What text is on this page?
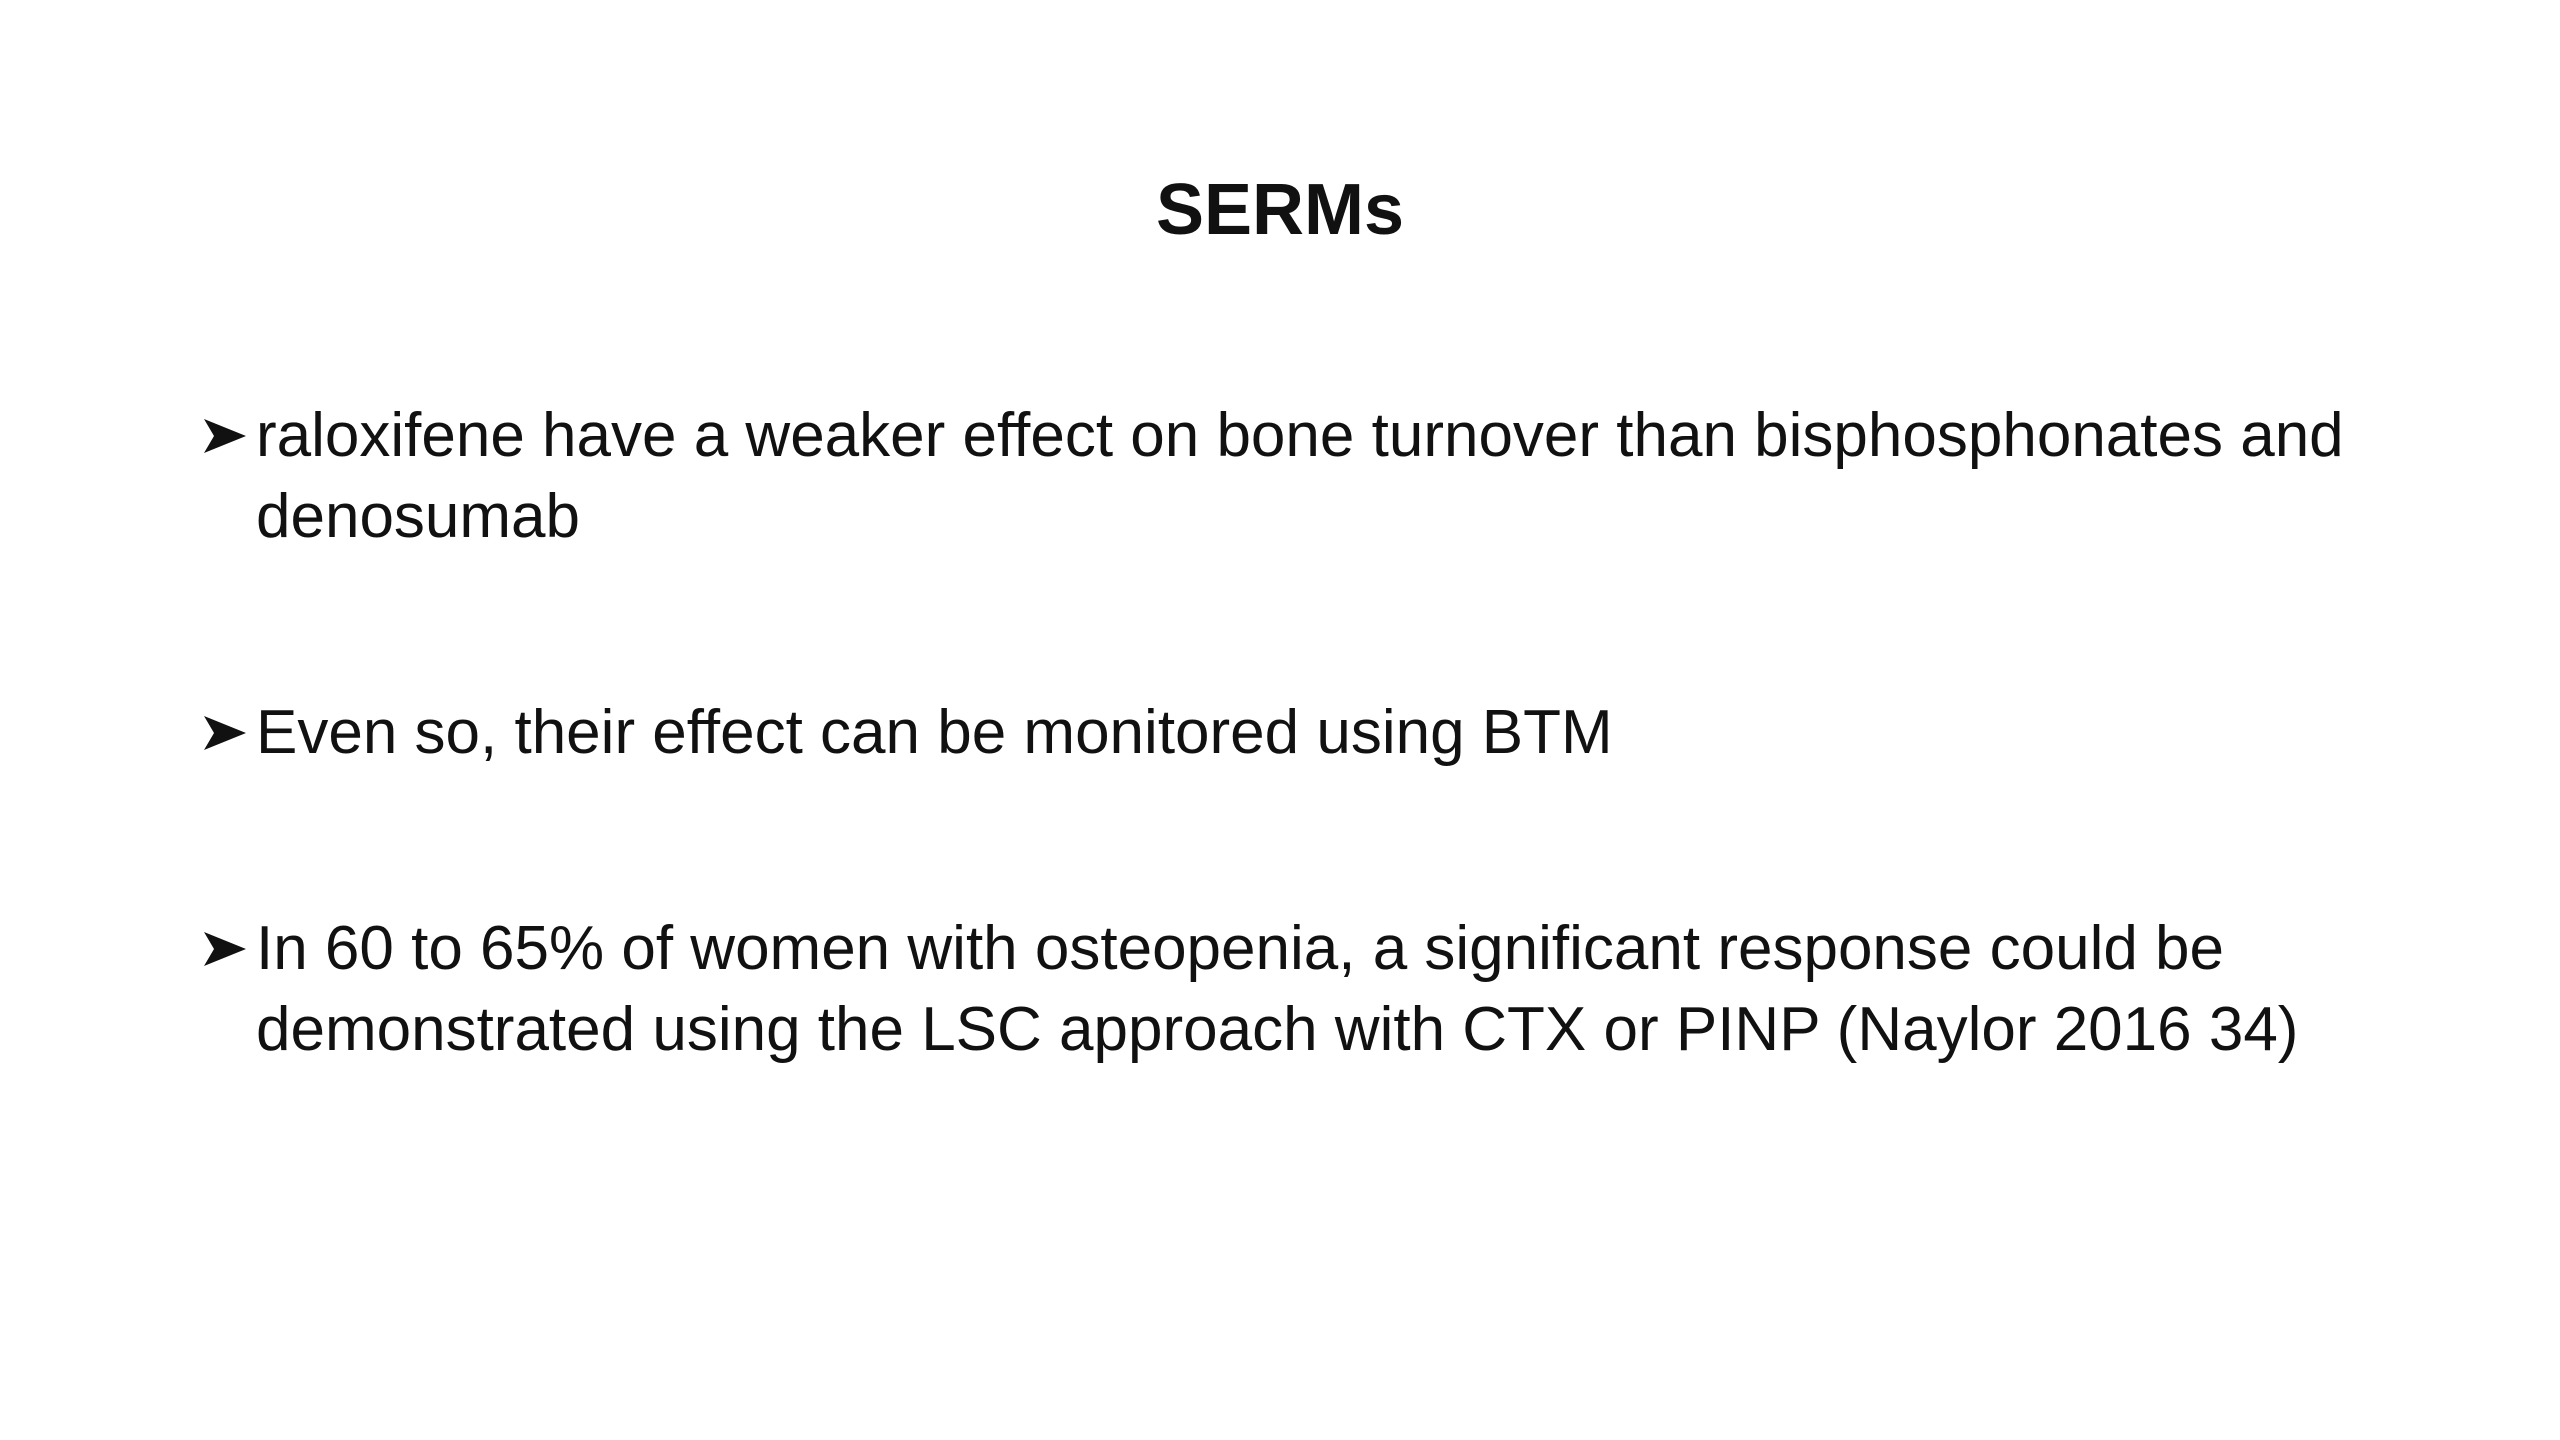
SERMs
raloxifene have a weaker effect on bone turnover than bisphosphonates and denosumab
Even so, their effect can be monitored using BTM
In 60 to 65% of women with osteopenia, a significant response could be demonstrated using the LSC approach with CTX or PINP (Naylor 2016 34)
